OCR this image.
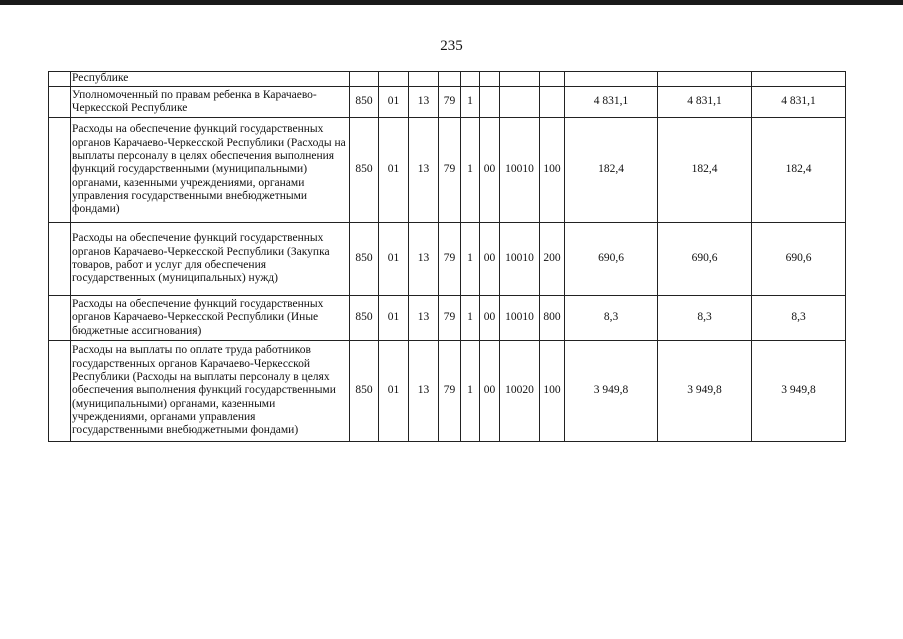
235
	Республике											
	Уполномоченный по правам ребенка в Карачаево-Черкесской Республике	850	01	13	79	1				4 831,1	4 831,1	4 831,1
	Расходы на обеспечение функций государственных органов Карачаево-Черкесской Республики (Расходы на выплаты персоналу в целях обеспечения выполнения функций государственными (муниципальными) органами, казенными учреждениями, органами управления государственными внебюджетными фондами)	850	01	13	79	1	00	10010	100	182,4	182,4	182,4
	Расходы на обеспечение функций государственных органов Карачаево-Черкесской Республики (Закупка товаров, работ и услуг для обеспечения государственных (муниципальных) нужд)	850	01	13	79	1	00	10010	200	690,6	690,6	690,6
	Расходы на обеспечение функций государственных органов Карачаево-Черкесской Республики (Иные бюджетные ассигнования)	850	01	13	79	1	00	10010	800	8,3	8,3	8,3
	Расходы на выплаты по оплате труда работников государственных органов Карачаево-Черкесской Республики (Расходы на выплаты персоналу в целях обеспечения выполнения функций государственными (муниципальными) органами, казенными учреждениями, органами управления государственными внебюджетными фондами)	850	01	13	79	1	00	10020	100	3 949,8	3 949,8	3 949,8
